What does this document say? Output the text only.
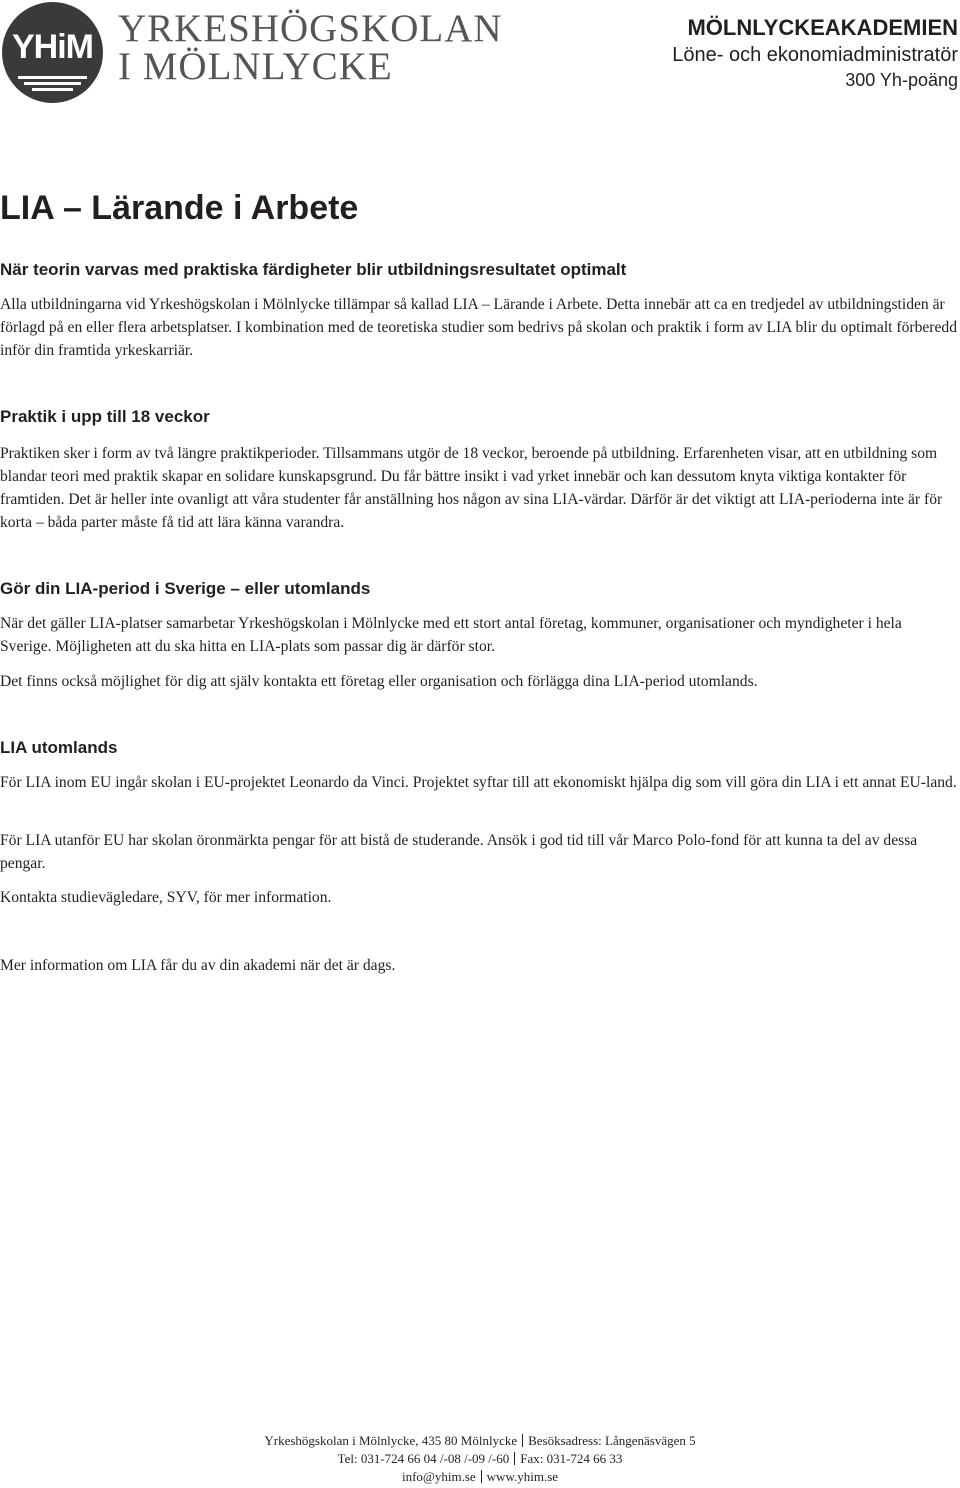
YHiM YRKESHÖGSKOLAN
I MÖLNLYCKE
MÖLNLYCKEAKADEMIEN
Löne- och ekonomiadministratör
300 Yh-poäng
LIA – Lärande i Arbete
När teorin varvas med praktiska färdigheter blir utbildningsresultatet optimalt

Alla utbildningarna vid Yrkeshögskolan i Mölnlycke tillämpar så kallad LIA – Lärande i Arbete. Detta innebär att ca en tredjedel av utbildningstiden är förlagd på en eller flera arbetsplatser. I kombination med de teoretiska studier som bedrivs på skolan och praktik i form av LIA blir du optimalt förberedd inför din framtida yrkeskarriär.

Praktik i upp till 18 veckor

Praktiken sker i form av två längre praktikperioder. Tillsammans utgör de 18 veckor, beroende på utbildning. Erfarenheten visar, att en utbildning som blandar teori med praktik skapar en solidare kunskapsgrund. Du får bättre insikt i vad yrket innebär och kan dessutom knyta viktiga kontakter för framtiden. Det är heller inte ovanligt att våra studenter får anställning hos någon av sina LIA-värdar. Därför är det viktigt att LIA-perioderna inte är för korta – båda parter måste få tid att lära känna varandra.

Gör din LIA-period i Sverige – eller utomlands

När det gäller LIA-platser samarbetar Yrkeshögskolan i Mölnlycke med ett stort antal företag, kommuner, organisationer och myndigheter i hela Sverige. Möjligheten att du ska hitta en LIA-plats som passar dig är därför stor.

Det finns också möjlighet för dig att själv kontakta ett företag eller organisation och förlägga dina LIA-period utomlands.

LIA utomlands

För LIA inom EU ingår skolan i EU-projektet Leonardo da Vinci. Projektet syftar till att ekonomiskt hjälpa dig som vill göra din LIA i ett annat EU-land.

För LIA utanför EU har skolan öronmärkta pengar för att bistå de studerande. Ansök i god tid till vår Marco Polo-fond för att kunna ta del av dessa pengar.

Kontakta studievägledare, SYV, för mer information.

Mer information om LIA får du av din akademi när det är dags.

Yrkeshögskolan i Mölnlycke, 435 80 Mölnlycke Besöksadress: Långenäsvägen 5
Tel: 031-724 66 04 /-08 /-09 /-60 Fax: 031-724 66 33
info@yhim.se www.yhim.se
